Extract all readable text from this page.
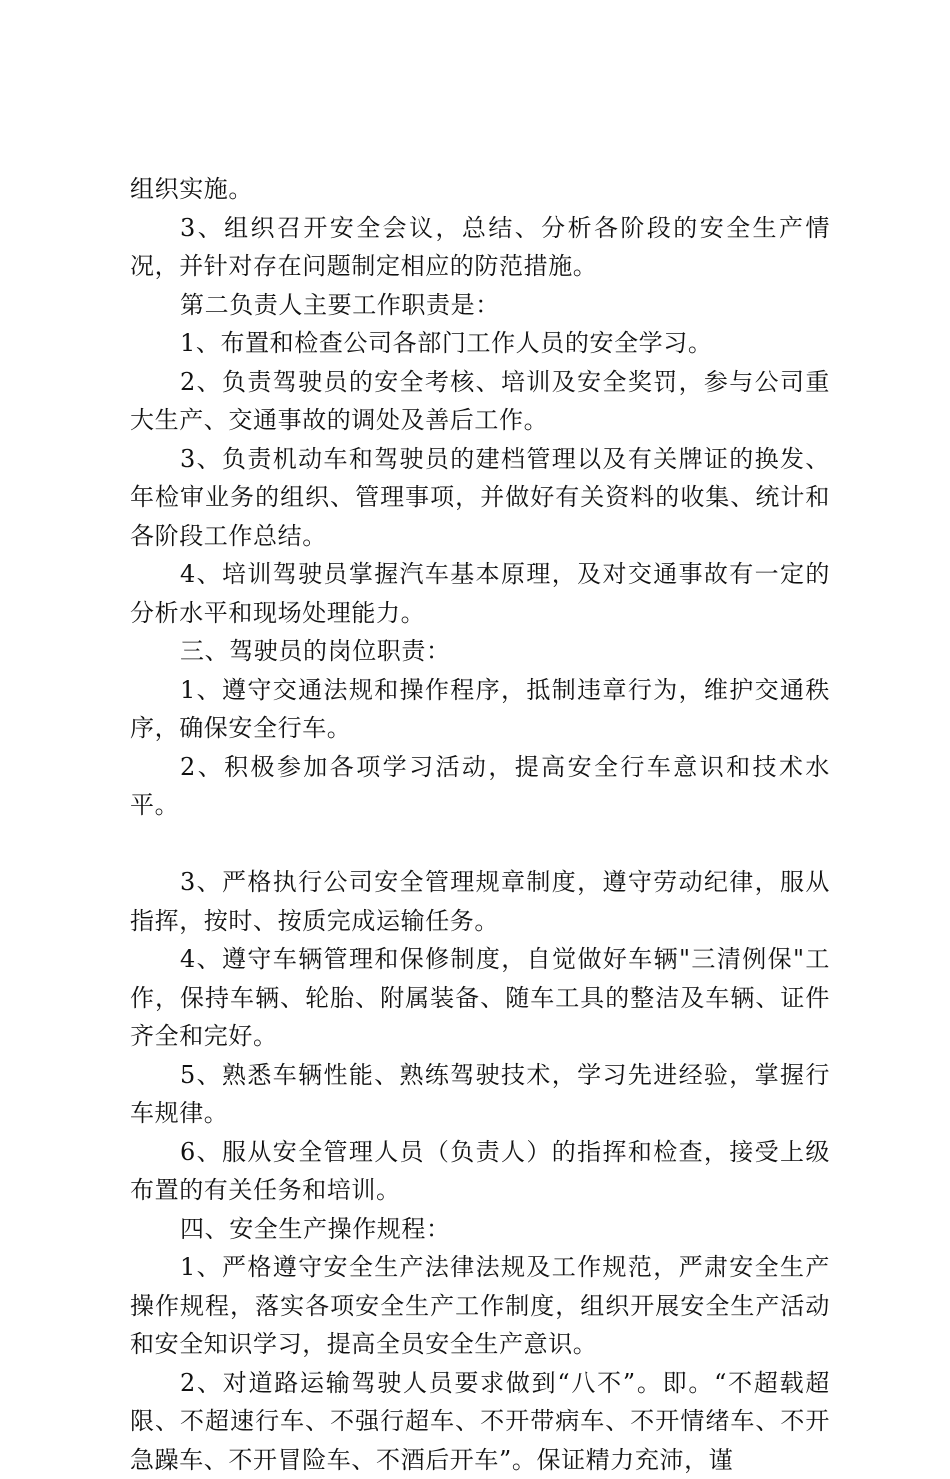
组织实施。

3、组织召开安全会议，总结、分析各阶段的安全生产情况，并针对存在问题制定相应的防范措施。

第二负责人主要工作职责是：

1、布置和检查公司各部门工作人员的安全学习。

2、负责驾驶员的安全考核、培训及安全奖罚，参与公司重大生产、交通事故的调处及善后工作。

3、负责机动车和驾驶员的建档管理以及有关牌证的换发、年检审业务的组织、管理事项，并做好有关资料的收集、统计和各阶段工作总结。

4、培训驾驶员掌握汽车基本原理，及对交通事故有一定的分析水平和现场处理能力。

三、驾驶员的岗位职责：

1、遵守交通法规和操作程序，抵制违章行为，维护交通秩序，确保安全行车。

2、积极参加各项学习活动，提高安全行车意识和技术水平。

3、严格执行公司安全管理规章制度，遵守劳动纪律，服从指挥，按时、按质完成运输任务。

4、遵守车辆管理和保修制度，自觉做好车辆"三清例保"工作，保持车辆、轮胎、附属装备、随车工具的整洁及车辆、证件齐全和完好。

5、熟悉车辆性能、熟练驾驶技术，学习先进经验，掌握行车规律。

6、服从安全管理人员（负责人）的指挥和检查，接受上级布置的有关任务和培训。

四、安全生产操作规程：

1、严格遵守安全生产法律法规及工作规范，严肃安全生产操作规程，落实各项安全生产工作制度，组织开展安全生产活动和安全知识学习，提高全员安全生产意识。

2、对道路运输驾驶人员要求做到“八不”。即。“不超载超限、不超速行车、不强行超车、不开带病车、不开情绪车、不开急躁车、不开冒险车、不酒后开车”。保证精力充沛，谨
